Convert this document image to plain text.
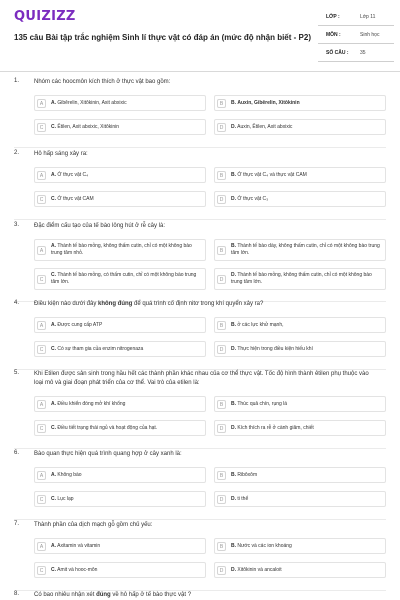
QUIZIZZ
135 câu Bài tập trắc nghiệm Sinh lí thực vật có đáp án (mức độ nhận biết - P2)
LỚP :	Lớp 11
MÔN :	Sinh học
SỐ CÂU : 35
1. Nhóm các hoocmôn kích thích ở thực vật bao gồm:
A	A. Gibêrelin, Xitôkinin, Axit abxixic	B	B. Auxin, Gibêrelin, Xitôkinin
C	C. Êtilen, Axit abxixic, Xitôkinin	D	D. Auxin, Êtilen, Axit abxixic
2. Hô hấp sáng xảy ra:
A	A. Ở thực vật C₄	B	B. Ở thực vật C₄ và thực vật CAM
C	C. Ở thực vật CAM	D	D. Ở thực vật C₃
3. Đặc điểm cấu tạo của tế bào lông hút ở rễ cây là:
A
A. Thành tế bào mỏng, không thấm cutin, chỉ có một không bào trung tâm nhỏ.	B
B. Thành tế bào dày, không thấm cutin, chỉ có một không bào trung tâm lớn.
C
C. Thành tế bào mỏng, có thấm cutin, chỉ có một không bào trung tâm lớn.	D
D. Thành tế bào mỏng, không thấm cutin, chỉ có một không bào trung tâm lớn.
4. Điều kiện nào dưới đây không đúng để quá trình cố định nitơ trong khí quyển xảy ra?
A	A. Được cung cấp ATP	B	B. ở các lực khử mạnh,
C	C. Có sự tham gia của enzim nitrogenaza	D	D. Thực hiện trong điều kiện hiếu khí
5. Khi Etilen được sản sinh trong hầu hết các thành phần khác nhau của cơ thể thực vật. Tốc độ hình thành êtilen phụ thuộc vào loại mô và giai đoạn phát triển của cơ thể. Vai trò của etilen là:
A	A. Điều khiển đóng mở khí khổng	B	B. Thúc quả chín, rụng lá
C	C. Điều tiết trạng thái ngủ và hoạt động của hạt.	D	D. Kích thích ra rễ ở cành giâm, chiết
6. Bào quan thực hiện quá trình quang hợp ở cây xanh là:
A	A. Không bào	B	B. Ribôxôm
C	C. Lục lạp	D	D. ti thể
7. Thành phần của dịch mạch gỗ gồm chủ yếu:
A	A. Axitamin và vitamin	B	B. Nước và các ion khoáng
C	C. Amit và hooc-môn	D	D. Xitôkinin và ancaloit
8. Có bao nhiêu nhận xét đúng về hô hấp ở tế bào thực vật ?
